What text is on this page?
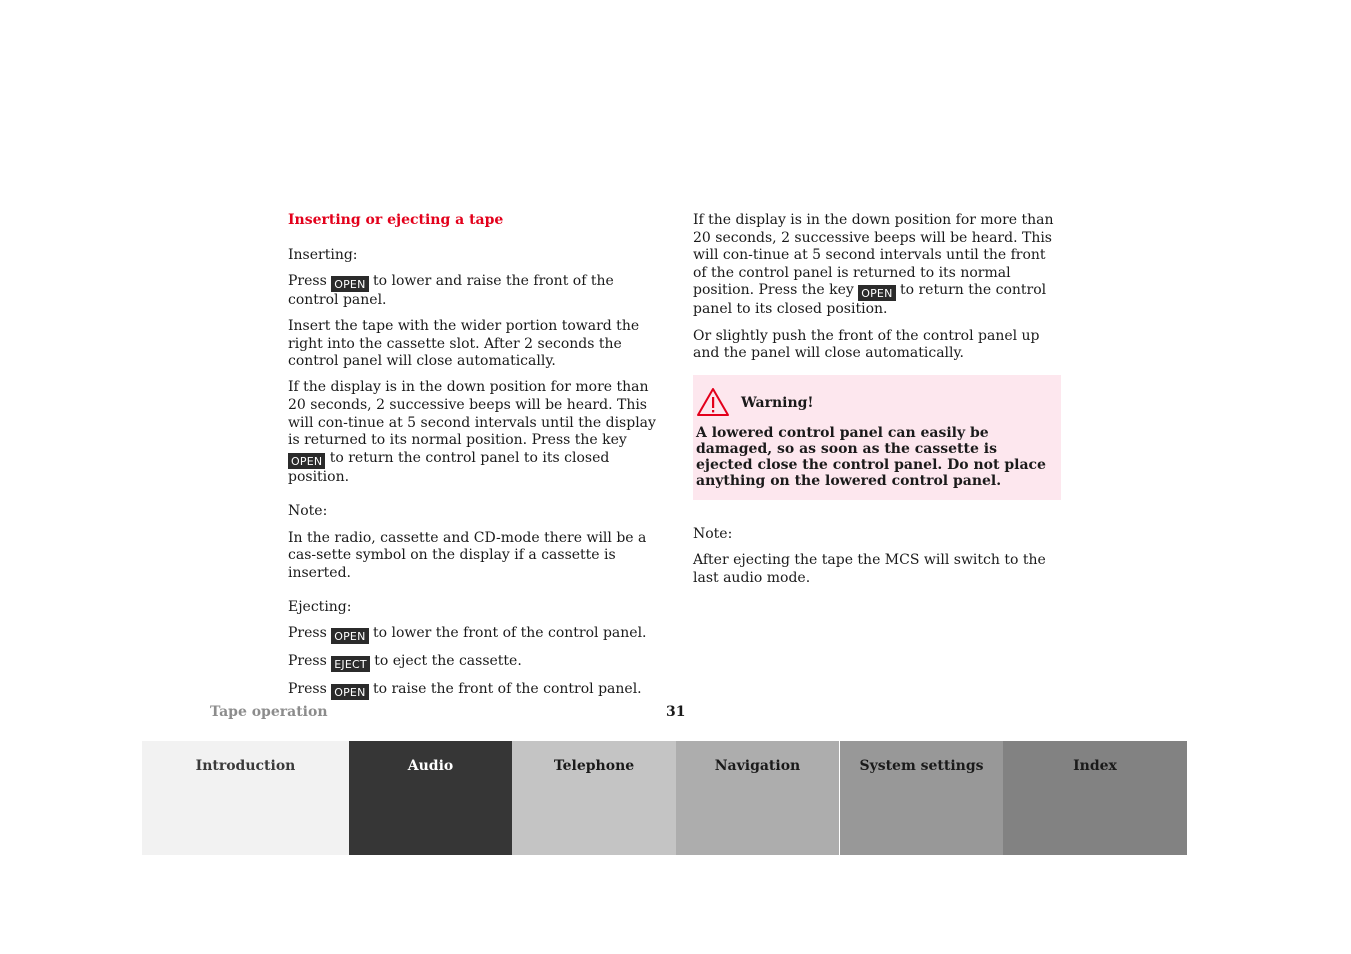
Inserting or ejecting a tape

Inserting:

Press OPEN to lower and raise the front of the control panel.

Insert the tape with the wider portion toward the right into the cassette slot. After 2 seconds the control panel will close automatically.

If the display is in the down position for more than 20 seconds, 2 successive beeps will be heard. This will con-tinue at 5 second intervals until the display is returned to its normal position. Press the key OPEN to return the control panel to its closed position.

Note:

In the radio, cassette and CD-mode there will be a cas-sette symbol on the display if a cassette is inserted.

Ejecting:

Press OPEN to lower the front of the control panel.

Press EJECT to eject the cassette.

Press OPEN to raise the front of the control panel.

If the display is in the down position for more than 20 seconds, 2 successive beeps will be heard. This will con-tinue at 5 second intervals until the front of the control panel is returned to its normal position. Press the key OPEN to return the control panel to its closed position.

Or slightly push the front of the control panel up and the panel will close automatically.

Warning!
A lowered control panel can easily be damaged, so as soon as the cassette is ejected close the control panel. Do not place anything on the lowered control panel.

Note:

After ejecting the tape the MCS will switch to the last audio mode.

Tape operation	31
Introduction	Audio	Telephone	Navigation	System settings	Index
